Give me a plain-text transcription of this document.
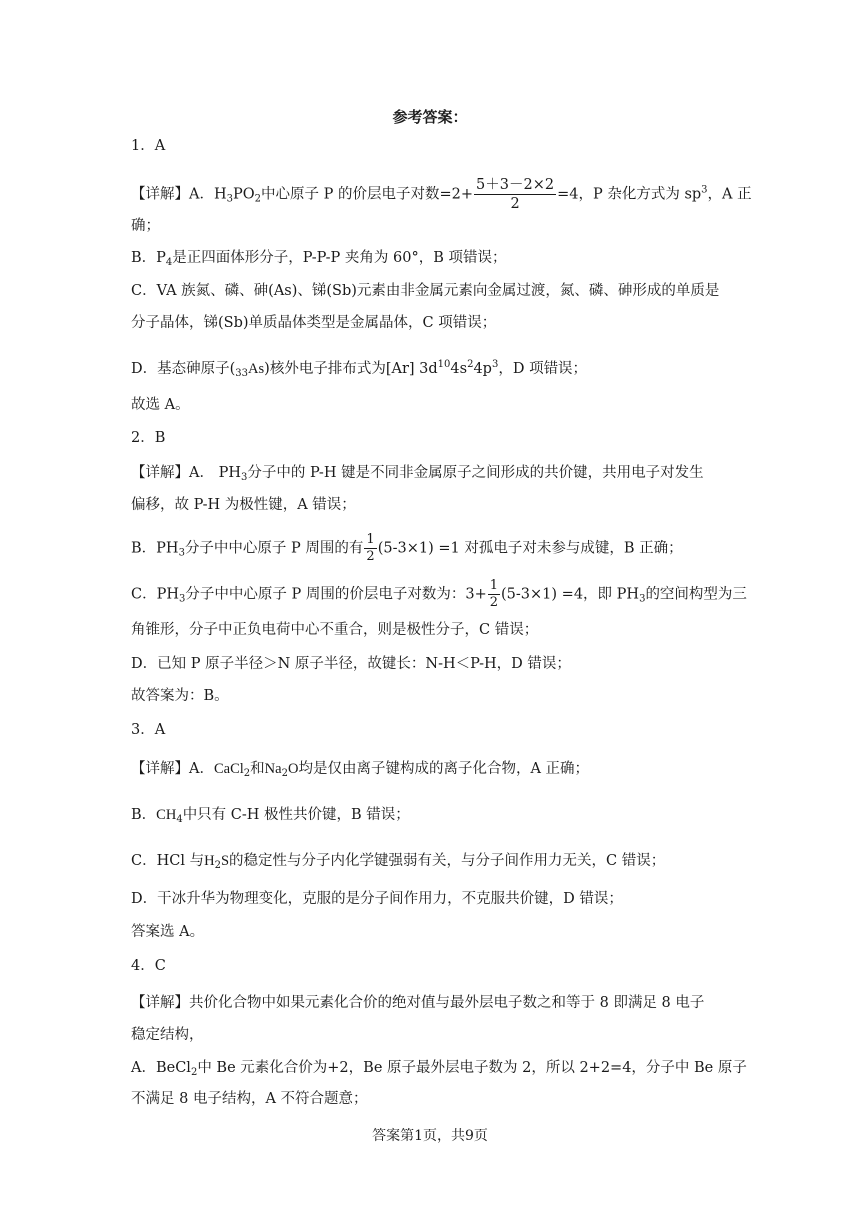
参考答案：
1．A
【详解】A．$H_3PO_2$中心原子 P 的价层电子对数$=2+ \frac{5+3-2\times 2}{2} =4$，P 杂化方式为 $sp^3$，A 正
确；
B．$P_4$是正四面体形分子，P-P-P 夹角为 60°，B 项错误；
C．VA 族氮、磷、砷(As)、锑(Sb)元素由非金属元素向金属过渡，氮、磷、砷形成的单质是
分子晶体，锑(Sb)单质晶体类型是金属晶体，C 项错误；
D．基态砷原子$(_{33}As)$核外电子排布式为[Ar] $3d^{10}4s^24p^3$，D 项错误；
故选 A。
2．B
【详解】A． $PH_3$分子中的 P-H 键是不同非金属原子之间形成的共价键，共用电子对发生
偏移，故 P-H 为极性键，A 错误；
B．$PH_3$分子中中心原子 P 周围的有 $\frac{1}{2} (5-3\times 1) =1$ 对孤电子对未参与成键，B 正确；
C．$PH_3$分子中中心原子 P 周围的价层电子对数为：$3+ \frac{1}{2} (5-3\times 1) =4$，即 $PH_3$的空间构型为三
角锥形，分子中正负电荷中心不重合，则是极性分子，C 错误；
D．已知 P 原子半径＞N 原子半径，故键长：N-H＜P-H，D 错误；
故答案为：B。
3．A
【详解】A．CaCl$_2$和$Na_2O$均是仅由离子键构成的离子化合物，A 正确；
B．$CH_4$中只有 C-H 极性共价键，B 错误；
C．HCl 与$H_2S$的稳定性与分子内化学键强弱有关，与分子间作用力无关，C 错误；
D．干冰升华为物理变化，克服的是分子间作用力，不克服共价键，D 错误；
答案选 A。
4．C
【详解】共价化合物中如果元素化合价的绝对值与最外层电子数之和等于 8 即满足 8 电子
稳定结构，
A．BeCl$_2$中 Be 元素化合价为+2，Be 原子最外层电子数为 2，所以 2+2=4，分子中 Be 原子
不满足 8 电子结构，A 不符合题意；
答案第1页，共9页
